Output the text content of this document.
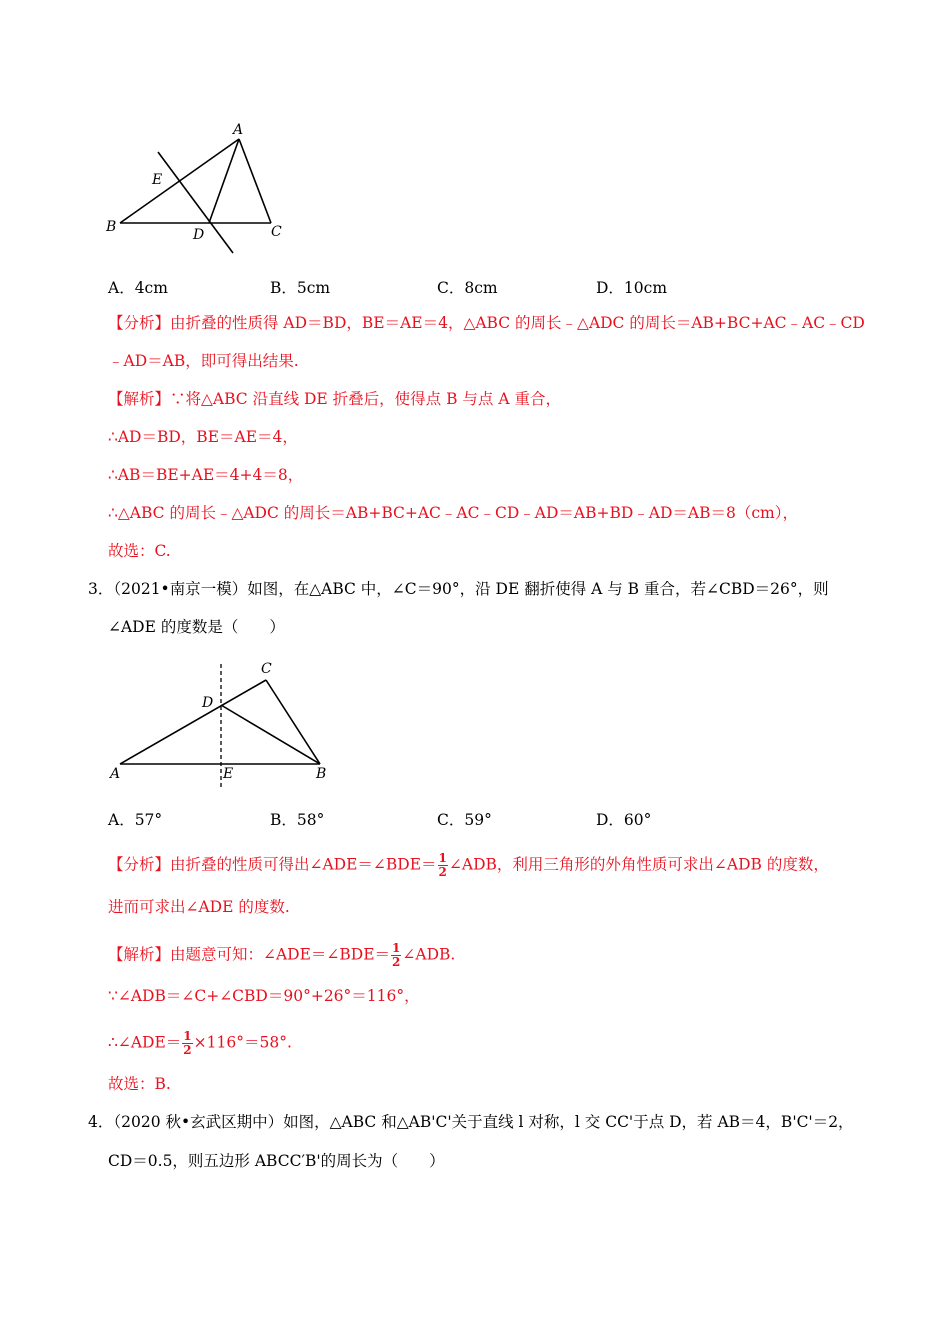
A
E
B	D	C
A．4cm	B．5cm	C．8cm	D．10cm
【分析】由折叠的性质得 AD＝BD，BE＝AE＝4，△ABC 的周长﹣△ADC 的周长＝AB+BC+AC﹣AC﹣CD
﹣AD＝AB，即可得出结果.
【解析】∵将△ABC 沿直线 DE 折叠后，使得点 B 与点 A 重合，
∴AD＝BD，BE＝AE＝4，
∴AB＝BE+AE＝4+4＝8，
∴△ABC 的周长﹣△ADC 的周长＝AB+BC+AC﹣AC﹣CD﹣AD＝AB+BD﹣AD＝AB＝8（cm），
故选：C.
3．（2021•南京一模）如图，在△ABC 中，∠C＝90°，沿 DE 翻折使得 A 与 B 重合，若∠CBD＝26°，则
∠ADE 的度数是（　　）
C
D
A	E	B
A．57°	B．58°	C．59°	D．60°
【分析】由折叠的性质可得出∠ADE＝∠BDE＝ $\frac{1}{2}$ ∠ADB，利用三角形的外角性质可求出∠ADB 的度数，
进而可求出∠ADE 的度数.
【解析】由题意可知：∠ADE＝∠BDE＝ $\frac{1}{2}$ ∠ADB.
∵∠ADB＝∠C+∠CBD＝90°+26°＝116°，
∴∠ADE＝ $\frac{1}{2} \times 116^\circ=58^\circ$.
故选：B.
4．（2020 秋•玄武区期中）如图，△ABC 和△AB'C'关于直线 l 对称，l 交 CC'于点 D，若 AB＝4，B'C'＝2，
CD＝0.5，则五边形 ABCC′B'的周长为（　　）
